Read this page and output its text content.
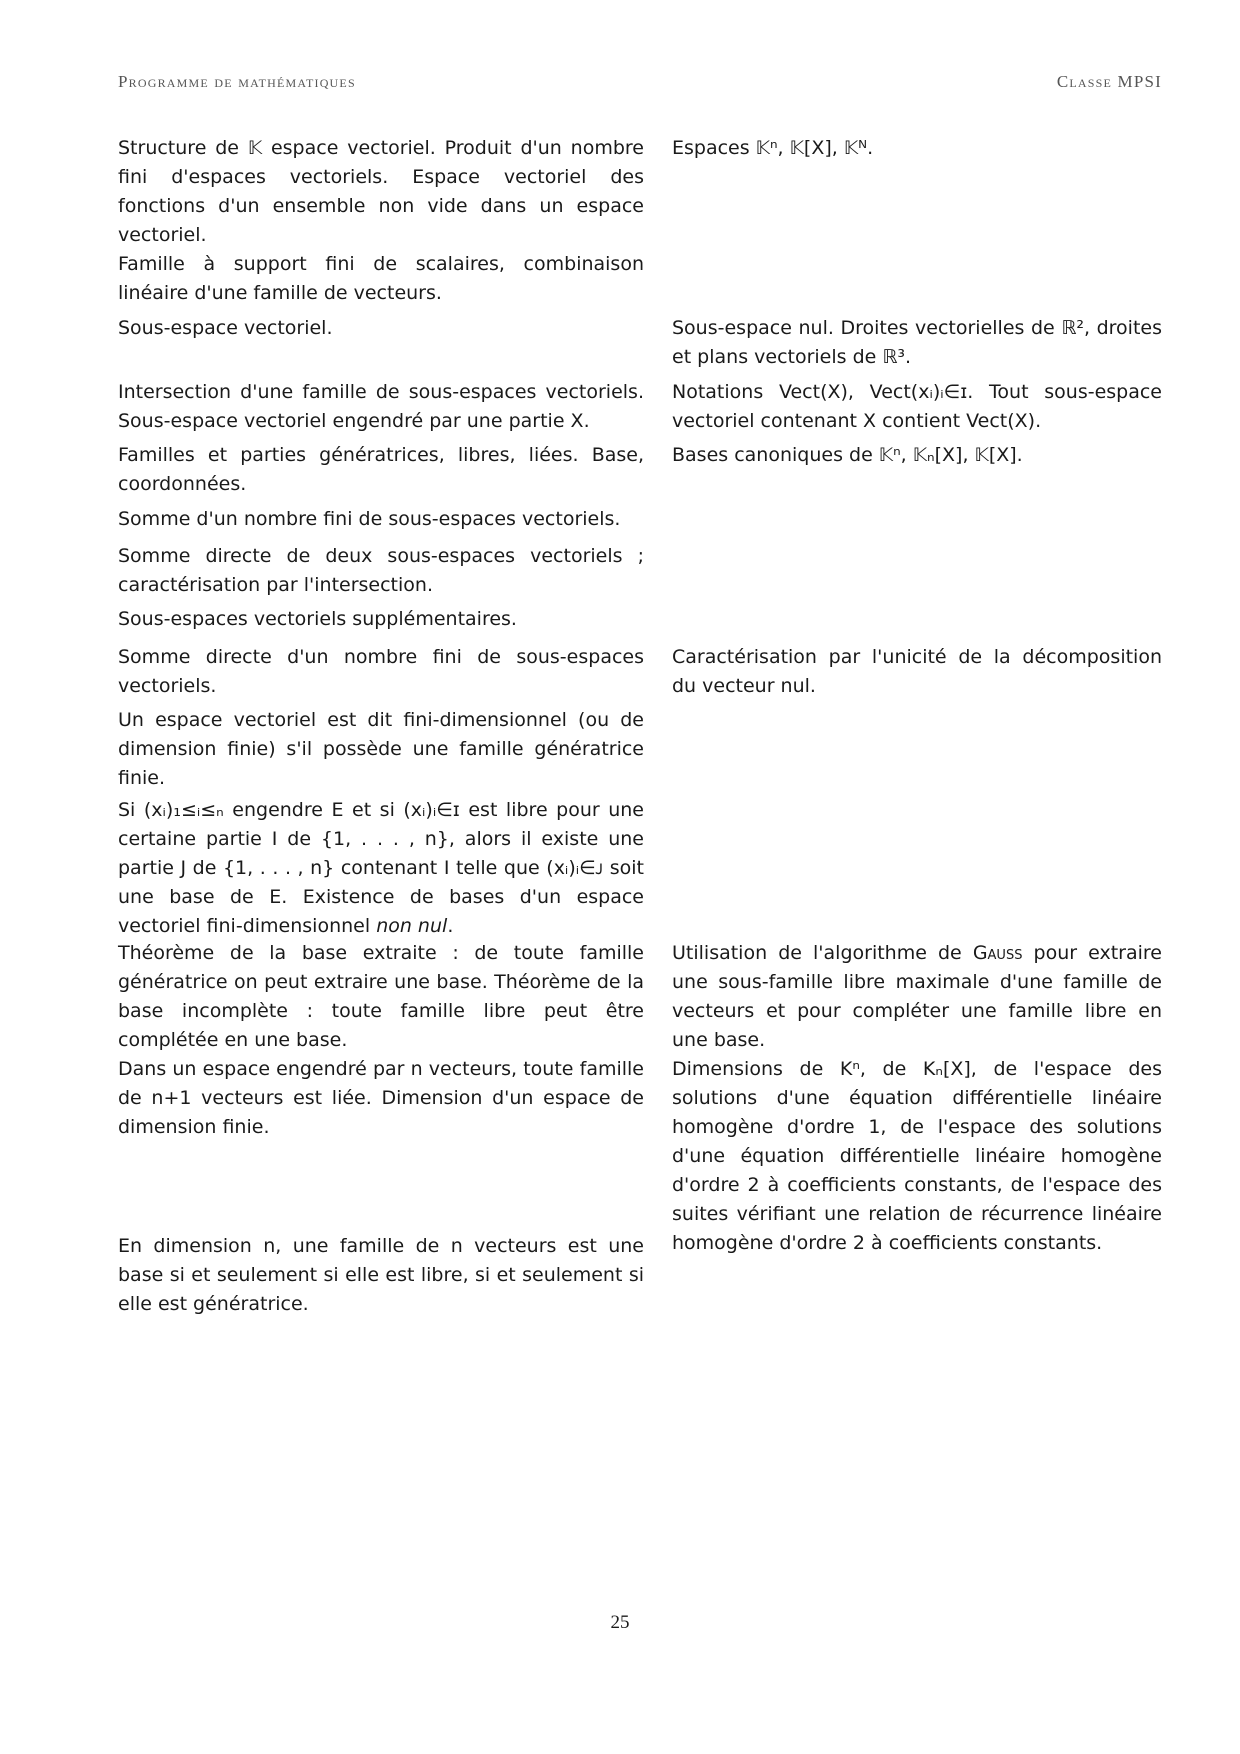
Programme de mathématiques	Classe MPSI
Structure de 𝕂 espace vectoriel. Produit d'un nombre fini d'espaces vectoriels. Espace vectoriel des fonctions d'un ensemble non vide dans un espace vectoriel.
Espaces 𝕂ⁿ, 𝕂[X], 𝕂ᴺ.
Famille à support fini de scalaires, combinaison linéaire d'une famille de vecteurs.
Sous-espace vectoriel.	Sous-espace nul. Droites vectorielles de ℝ², droites et plans vectoriels de ℝ³.
Intersection d'une famille de sous-espaces vectoriels. Sous-espace vectoriel engendré par une partie X.
Notations Vect(X), Vect(xᵢ)ᵢ∈ɪ. Tout sous-espace vectoriel contenant X contient Vect(X).
Familles et parties génératrices, libres, liées. Base, coordonnées.
Bases canoniques de 𝕂ⁿ, 𝕂ₙ[X], 𝕂[X].
Somme d'un nombre fini de sous-espaces vectoriels.
Somme directe de deux sous-espaces vectoriels ; caractérisation par l'intersection.
Sous-espaces vectoriels supplémentaires.
Somme directe d'un nombre fini de sous-espaces vectoriels.
Caractérisation par l'unicité de la décomposition du vecteur nul.
Un espace vectoriel est dit fini-dimensionnel (ou de dimension finie) s'il possède une famille génératrice finie.
Si (xᵢ)₁≤ᵢ≤ₙ engendre E et si (xᵢ)ᵢ∈ɪ est libre pour une certaine partie I de {1, . . . , n}, alors il existe une partie J de {1, . . . , n} contenant I telle que (xᵢ)ᵢ∈ᴊ soit une base de E. Existence de bases d'un espace vectoriel fini-dimensionnel non nul.
Théorème de la base extraite : de toute famille génératrice on peut extraire une base. Théorème de la base incomplète : toute famille libre peut être complétée en une base.
Utilisation de l'algorithme de Gauss pour extraire une sous-famille libre maximale d'une famille de vecteurs et pour compléter une famille libre en une base.
Dans un espace engendré par n vecteurs, toute famille de n+1 vecteurs est liée. Dimension d'un espace de dimension finie.
Dimensions de Kⁿ, de Kₙ[X], de l'espace des solutions d'une équation différentielle linéaire homogène d'ordre 1, de l'espace des solutions d'une équation différentielle linéaire homogène d'ordre 2 à coefficients constants, de l'espace des suites vérifiant une relation de récurrence linéaire homogène d'ordre 2 à coefficients constants.
En dimension n, une famille de n vecteurs est une base si et seulement si elle est libre, si et seulement si elle est génératrice.
25
